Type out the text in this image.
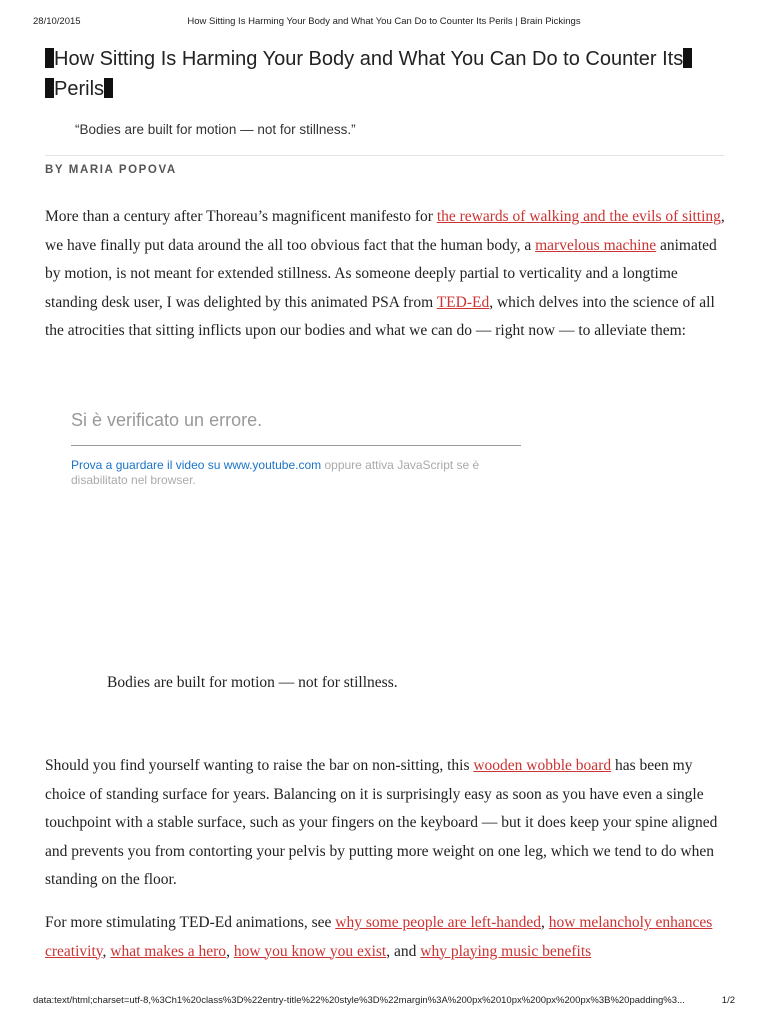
28/10/2015	How Sitting Is Harming Your Body and What You Can Do to Counter Its Perils | Brain Pickings
How Sitting Is Harming Your Body and What You Can Do to Counter Its
Perils

“Bodies are built for motion — not for stillness.”

BY MARIA POPOVA

More than a century after Thoreau’s magnificent manifesto for the rewards of walking and the evils of sitting, we have finally put data around the all too obvious fact that the human body, a marvelous machine animated by motion, is not meant for extended stillness. As someone deeply partial to verticality and a longtime standing desk user, I was delighted by this animated PSA from TED-Ed, which delves into the science of all the atrocities that sitting inflicts upon our bodies and what we can do — right now — to alleviate them:

Si è verificato un errore.

Prova a guardare il video su www.youtube.com oppure attiva JavaScript se è disabilitato nel browser.

Bodies are built for motion — not for stillness.

Should you find yourself wanting to raise the bar on non-sitting, this wooden wobble board has been my choice of standing surface for years. Balancing on it is surprisingly easy as soon as you have even a single touchpoint with a stable surface, such as your fingers on the keyboard — but it does keep your spine aligned and prevents you from contorting your pelvis by putting more weight on one leg, which we tend to do when standing on the floor.

For more stimulating TED-Ed animations, see why some people are left-handed, how melancholy enhances creativity, what makes a hero, how you know you exist, and why playing music benefits

data:text/html;charset=utf-8,%3Ch1%20class%3D%22entry-title%22%20style%3D%22margin%3A%200px%2010px%200px%200px%3B%20padding%3...	1/2
